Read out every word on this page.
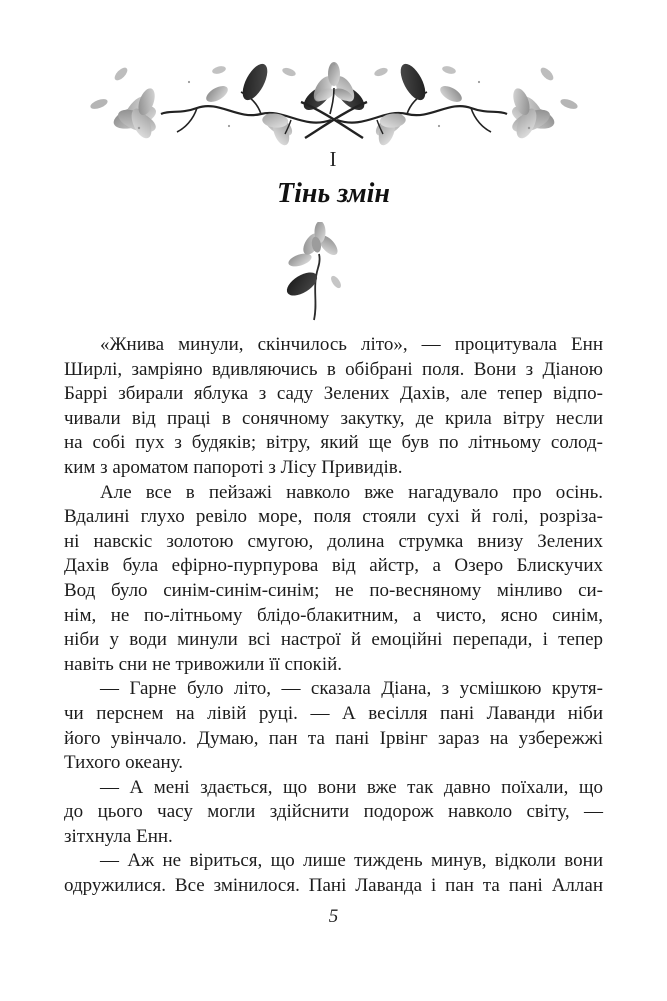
I
Тінь змін
«Жнива минули, скінчилось літо», — процитувала Енн
Ширлі, замріяно вдивляючись в обібрані поля. Вони з Діаною
Баррі збирали яблука з саду Зелених Дахів, але тепер відпо-
чивали від праці в сонячному закутку, де крила вітру несли
на собі пух з будяків; вітру, який ще був по літньому солод-
ким з ароматом папороті з Лісу Привидів.
Але все в пейзажі навколо вже нагадувало про осінь.
Вдалині глухо ревіло море, поля стояли сухі й голі, розріза-
ні навскіс золотою смугою, долина струмка внизу Зелених
Дахів була ефірно-пурпурова від айстр, а Озеро Блискучих
Вод було синім-синім-синім; не по-весняному мінливо си-
нім, не по-літньому блідо-блакитним, а чисто, ясно синім,
ніби у води минули всі настрої й емоційні перепади, і тепер
навіть сни не тривожили її спокій.
— Гарне було літо, — сказала Діана, з усмішкою крутя-
чи перснем на лівій руці. — А весілля пані Лаванди ніби
його увінчало. Думаю, пан та пані Ірвінг зараз на узбережжі
Тихого океану.
— А мені здається, що вони вже так давно поїхали, що
до цього часу могли здійснити подорож навколо світу, —
зітхнула Енн.
— Аж не віриться, що лише тиждень минув, відколи вони
одружилися. Все змінилося. Пані Лаванда і пан та пані Аллан
5
